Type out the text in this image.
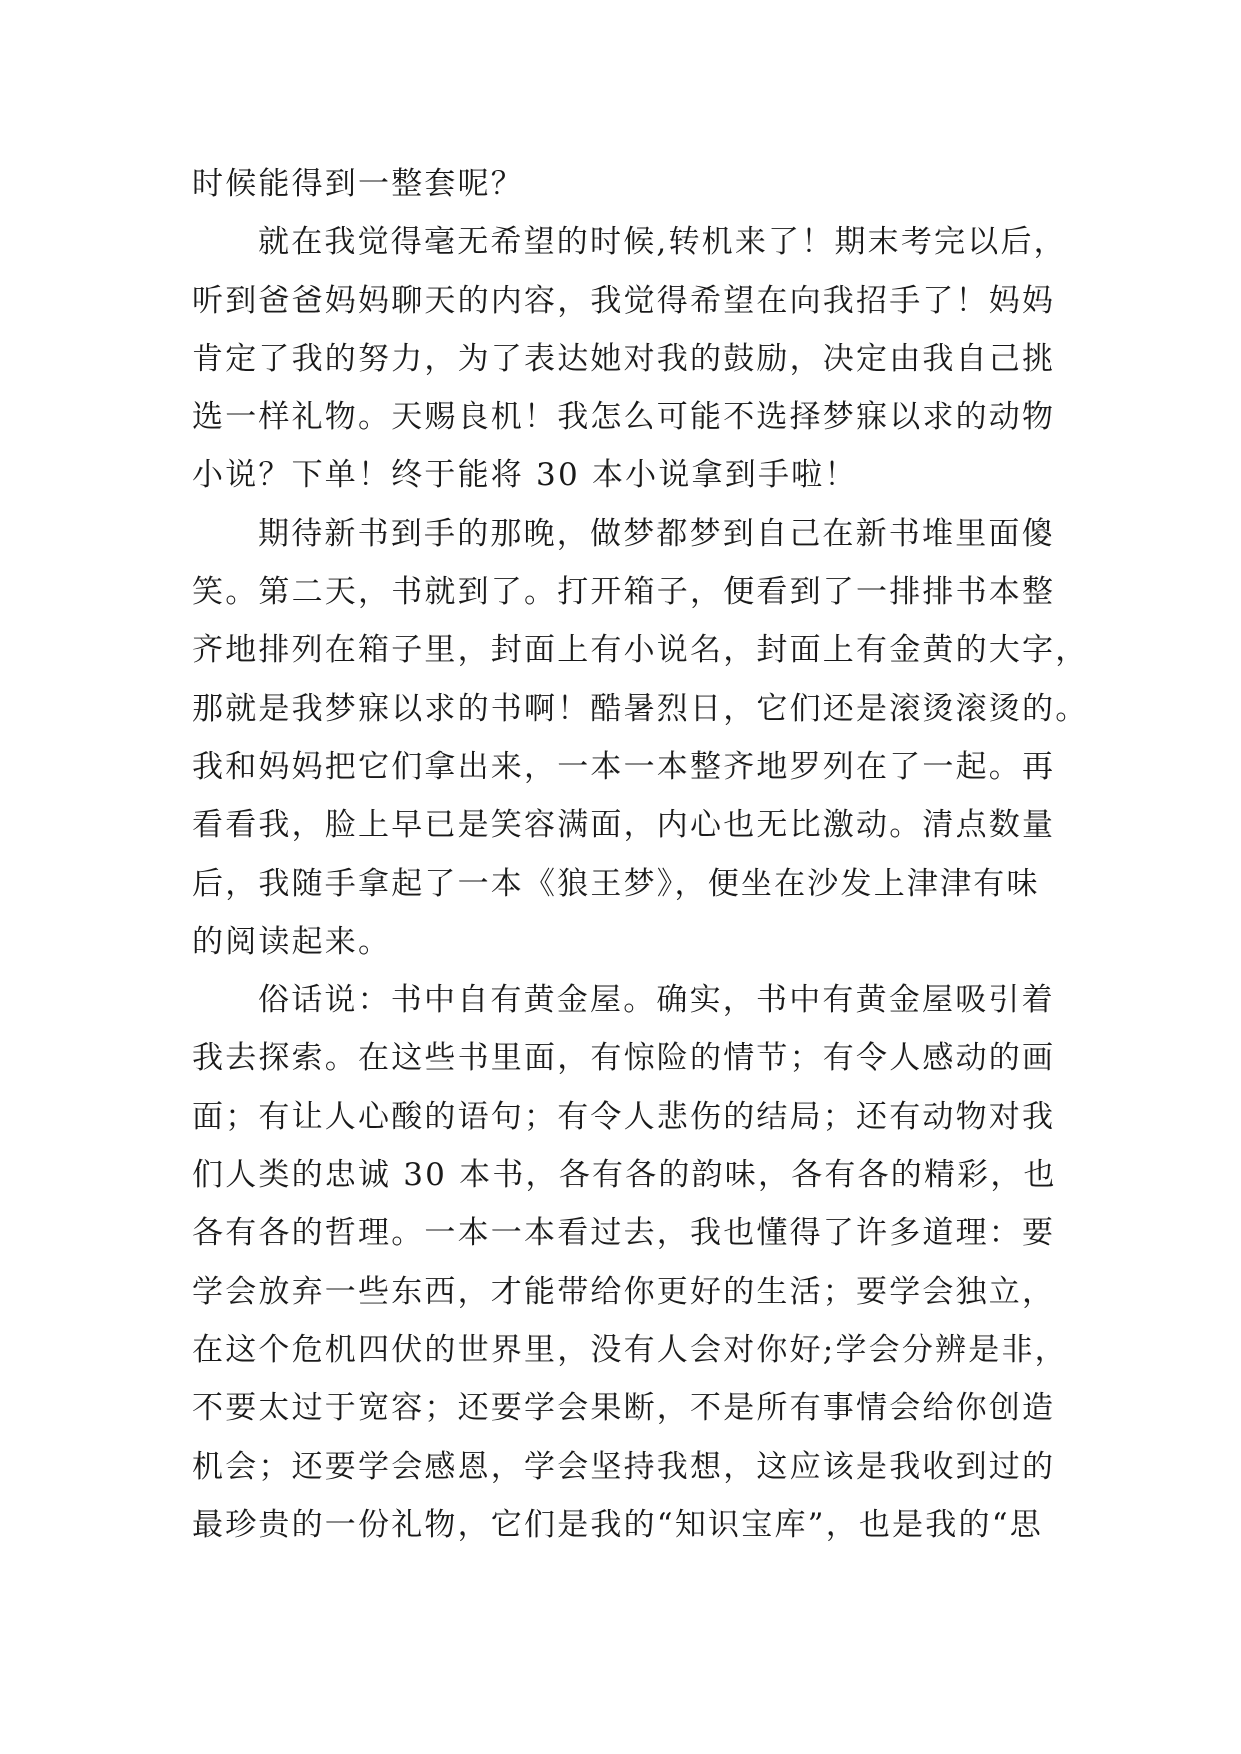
时候能得到一整套呢？
就在我觉得毫无希望的时候,转机来了！期末考完以后，
听到爸爸妈妈聊天的内容，我觉得希望在向我招手了！妈妈
肯定了我的努力，为了表达她对我的鼓励，决定由我自己挑
选一样礼物。天赐良机！我怎么可能不选择梦寐以求的动物
小说？下单！终于能将 30 本小说拿到手啦！
期待新书到手的那晚，做梦都梦到自己在新书堆里面傻
笑。第二天，书就到了。打开箱子，便看到了一排排书本整
齐地排列在箱子里，封面上有小说名，封面上有金黄的大字，
那就是我梦寐以求的书啊！酷暑烈日，它们还是滚烫滚烫的。
我和妈妈把它们拿出来，一本一本整齐地罗列在了一起。再
看看我，脸上早已是笑容满面，内心也无比激动。清点数量
后，我随手拿起了一本《狼王梦》，便坐在沙发上津津有味
的阅读起来。
俗话说：书中自有黄金屋。确实，书中有黄金屋吸引着
我去探索。在这些书里面，有惊险的情节；有令人感动的画
面；有让人心酸的语句；有令人悲伤的结局；还有动物对我
们人类的忠诚 30 本书，各有各的韵味，各有各的精彩，也
各有各的哲理。一本一本看过去，我也懂得了许多道理：要
学会放弃一些东西，才能带给你更好的生活；要学会独立，
在这个危机四伏的世界里，没有人会对你好;学会分辨是非，
不要太过于宽容；还要学会果断，不是所有事情会给你创造
机会；还要学会感恩，学会坚持我想，这应该是我收到过的
最珍贵的一份礼物，它们是我的“知识宝库”，也是我的“思
